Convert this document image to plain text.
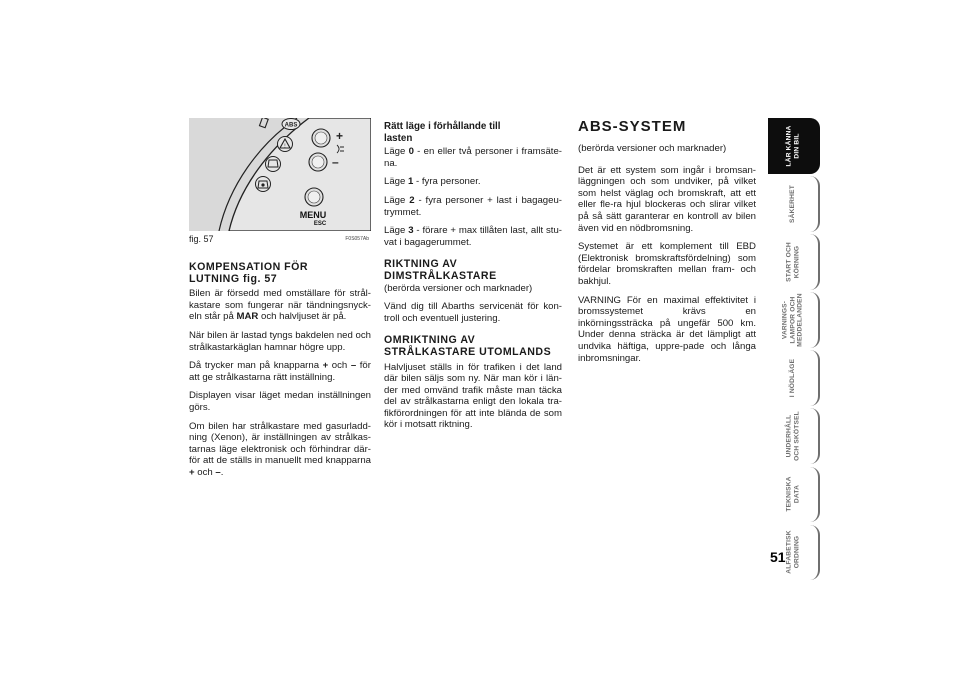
ABS
!
+
–
MENU
ESC
fig. 57	F0S057Ab
KOMPENSATION FÖR
LUTNING fig. 57

Bilen är försedd med omställare för strål-kastare som fungerar när tändningsnyck-eln står på MAR och halvljuset är på.

När bilen är lastad tyngs bakdelen ned och strålkastarkäglan hamnar högre upp.

Då trycker man på knapparna + och – för att ge strålkastarna rätt inställning.

Displayen visar läget medan inställningen görs.

Om bilen har strålkastare med gasurladd-ning (Xenon), är inställningen av strålkas-tarnas läge elektronisk och förhindrar där-för att de ställs in manuellt med knapparna + och –.

Rätt läge i förhållande till
lasten

Läge 0 - en eller två personer i framsäte-na.

Läge 1 - fyra personer.

Läge 2 - fyra personer + last i bagageu-trymmet.

Läge 3 - förare + max tillåten last, allt stu-vat i bagagerummet.

RIKTNING AV
DIMSTRÅLKASTARE

(berörda versioner och marknader)

Vänd dig till Abarths servicenät för kon-troll och eventuell justering.

OMRIKTNING AV
STRÅLKASTARE UTOMLANDS

Halvljuset ställs in för trafiken i det land där bilen säljs som ny. När man kör i län-der med omvänd trafik måste man täcka del av strålkastarna enligt den lokala tra-fikförordningen för att inte blända de som kör i motsatt riktning.

ABS-SYSTEM

(berörda versioner och marknader)

Det är ett system som ingår i bromsan-läggningen och som undviker, på vilket som helst väglag och bromskraft, att ett eller fle-ra hjul blockeras och slirar vilket på så sätt garanterar en kontroll av bilen även vid en nödbromsning.

Systemet är ett komplement till EBD (Elektronisk bromskraftsfördelning) som fördelar bromskraften mellan fram- och bakhjul.

VARNING För en maximal effektivitet i bromssystemet krävs en inkörningssträcka på ungefär 500 km. Under denna sträcka är det lämpligt att undvika häftiga, uppre-pade och långa inbromsningar.

LÄR KÄNNA
DIN BIL
SÄKERHET
START OCH
KÖRNING
VARNINGS-
LAMPOR OCH
MEDDELANDEN
I NÖDLÄGE
UNDERHÅLL
OCH SKÖTSEL
TEKNISKA
DATA
ALFABETISK
ORDNING
51
